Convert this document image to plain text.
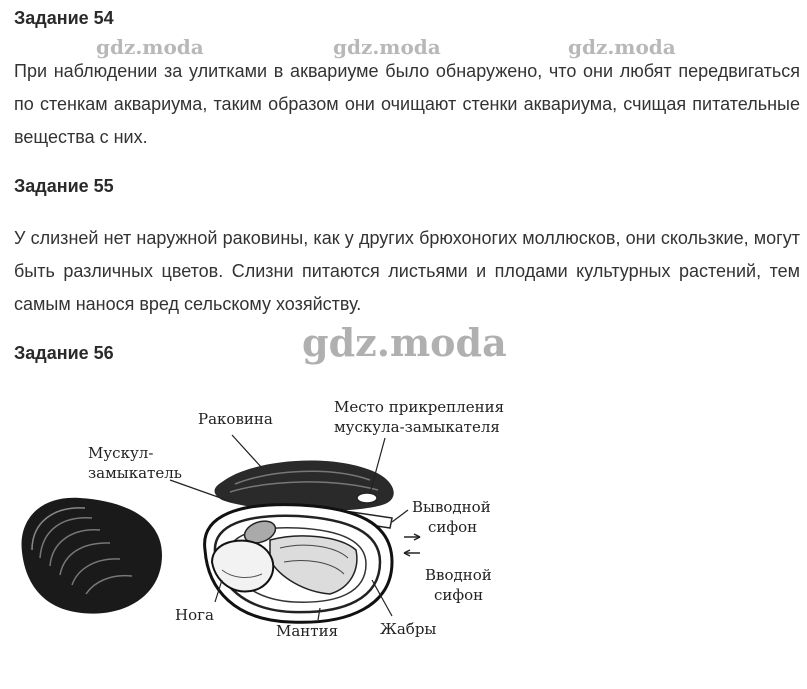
Задание 54
gdz.moda	gdz.moda	gdz.moda

При наблюдении за улитками в аквариуме было обнаружено, что они любят передвигаться по стенкам аквариума, таким образом они очищают стенки аквариума, счищая питательные вещества с них.

Задание 55

У слизней нет наружной раковины, как у других брюхоногих моллюсков, они скользкие, могут быть различных цветов. Слизни питаются листьями и плодами культурных растений, тем самым нанося вред сельскому хозяйству.

Задание 56	gdz.moda
Раковина
Место прикрепления
мускула-замыкателя
Мускул-
замыкатель
Выводной
сифон
Вводной
сифон
Нога
Мантия	Жабры
